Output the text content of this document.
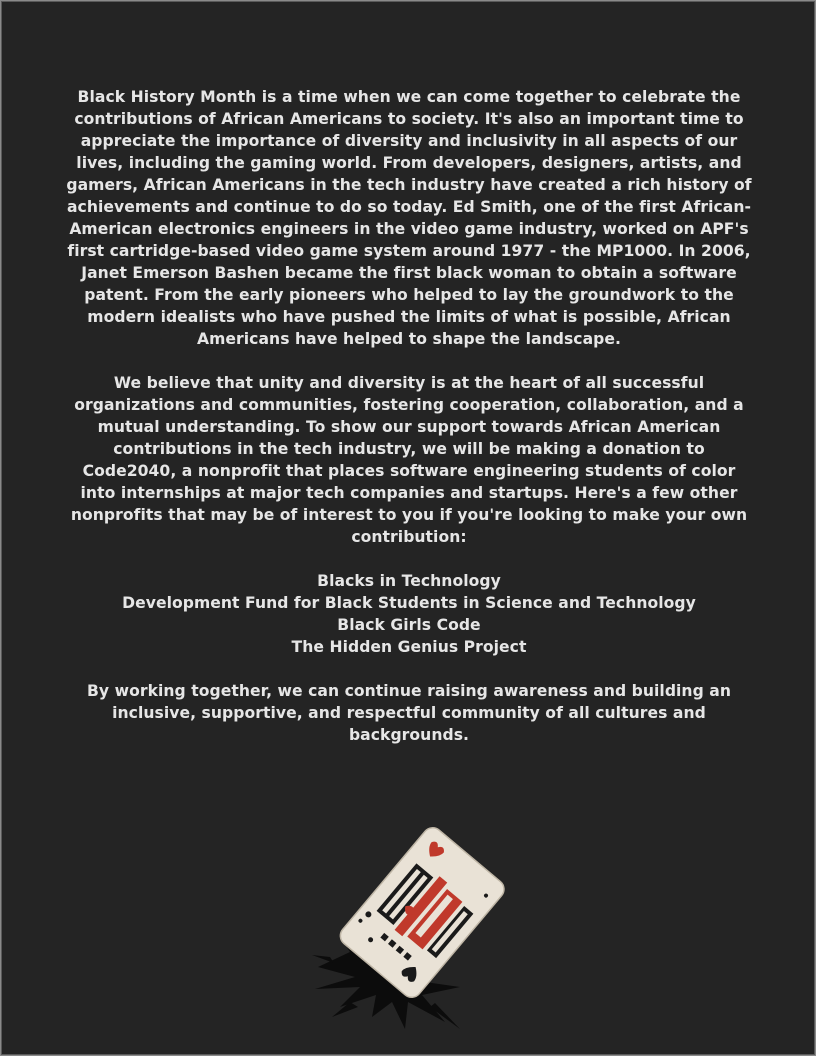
Black History Month is a time when we can come together to celebrate the contributions of African Americans to society. It's also an important time to appreciate the importance of diversity and inclusivity in all aspects of our lives, including the gaming world. From developers, designers, artists, and gamers, African Americans in the tech industry have created a rich history of achievements and continue to do so today. Ed Smith, one of the first African-American electronics engineers in the video game industry, worked on APF's first cartridge-based video game system around 1977 - the MP1000. In 2006, Janet Emerson Bashen became the first black woman to obtain a software patent. From the early pioneers who helped to lay the groundwork to the modern idealists who have pushed the limits of what is possible, African Americans have helped to shape the landscape.

We believe that unity and diversity is at the heart of all successful organizations and communities, fostering cooperation, collaboration, and a mutual understanding. To show our support towards African American contributions in the tech industry, we will be making a donation to Code2040, a nonprofit that places software engineering students of color into internships at major tech companies and startups. Here's a few other nonprofits that may be of interest to you if you're looking to make your own contribution:

Blacks in Technology
Development Fund for Black Students in Science and Technology
Black Girls Code
The Hidden Genius Project

By working together, we can continue raising awareness and building an inclusive, supportive, and respectful community of all cultures and backgrounds.
